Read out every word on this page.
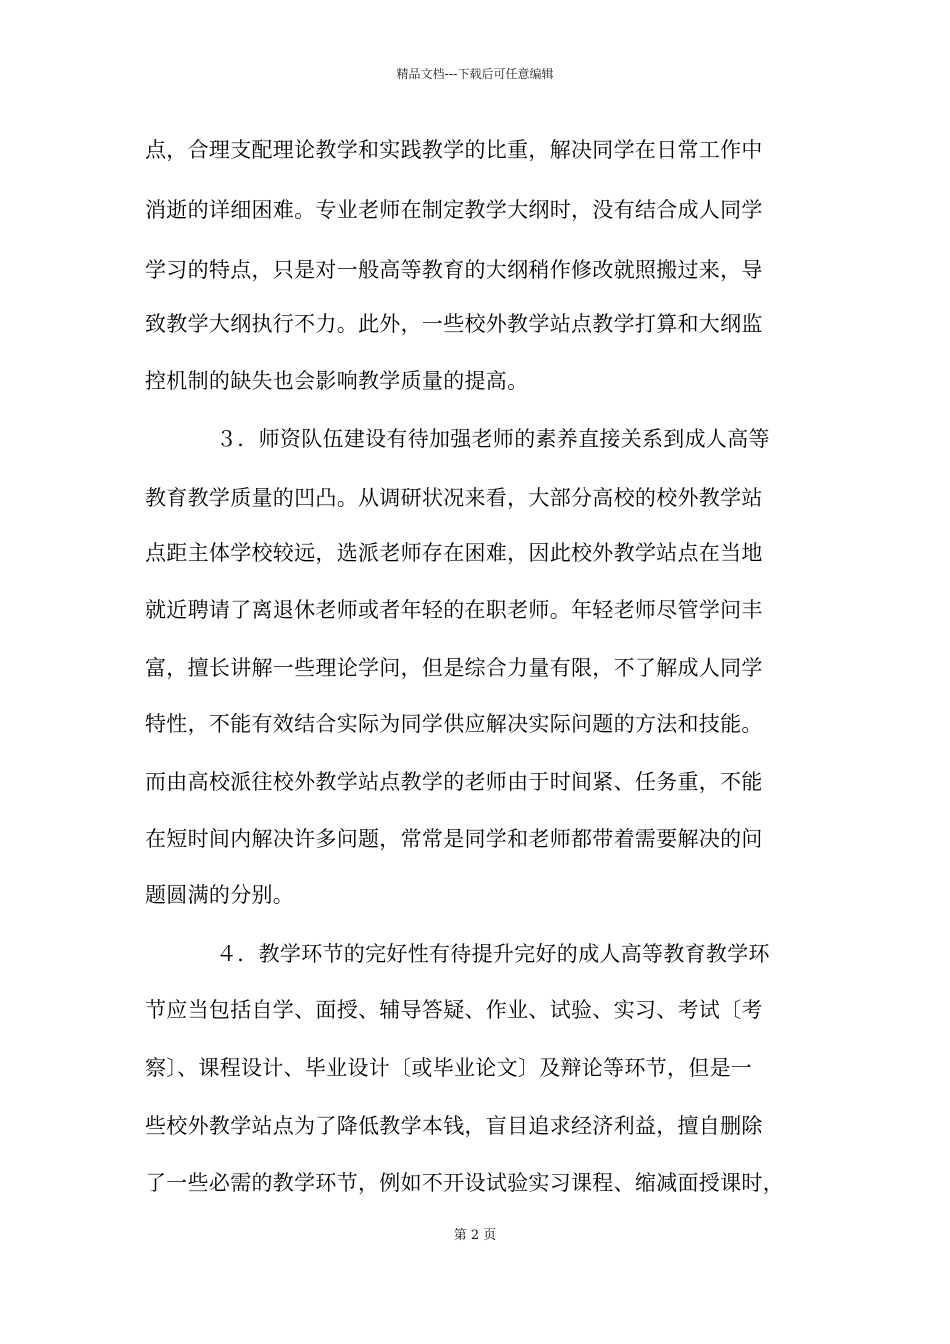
精品文档---下载后可任意编辑
点，合理支配理论教学和实践教学的比重，解决同学在日常工作中
消逝的详细困难。专业老师在制定教学大纲时，没有结合成人同学
学习的特点，只是对一般高等教育的大纲稍作修改就照搬过来，导
致教学大纲执行不力。此外，一些校外教学站点教学打算和大纲监
控机制的缺失也会影响教学质量的提高。
３．师资队伍建设有待加强老师的素养直接关系到成人高等
教育教学质量的凹凸。从调研状况来看，大部分高校的校外教学站
点距主体学校较远，选派老师存在困难，因此校外教学站点在当地
就近聘请了离退休老师或者年轻的在职老师。年轻老师尽管学问丰
富，擅长讲解一些理论学问，但是综合力量有限，不了解成人同学
特性，不能有效结合实际为同学供应解决实际问题的方法和技能。
而由高校派往校外教学站点教学的老师由于时间紧、任务重，不能
在短时间内解决许多问题，常常是同学和老师都带着需要解决的问
题圆满的分别。
４．教学环节的完好性有待提升完好的成人高等教育教学环
节应当包括自学、面授、辅导答疑、作业、试验、实习、考试〔考
察〕、课程设计、毕业设计〔或毕业论文〕及辩论等环节，但是一
些校外教学站点为了降低教学本钱，盲目追求经济利益，擅自删除
了一些必需的教学环节，例如不开设试验实习课程、缩减面授课时，
第 2 页
